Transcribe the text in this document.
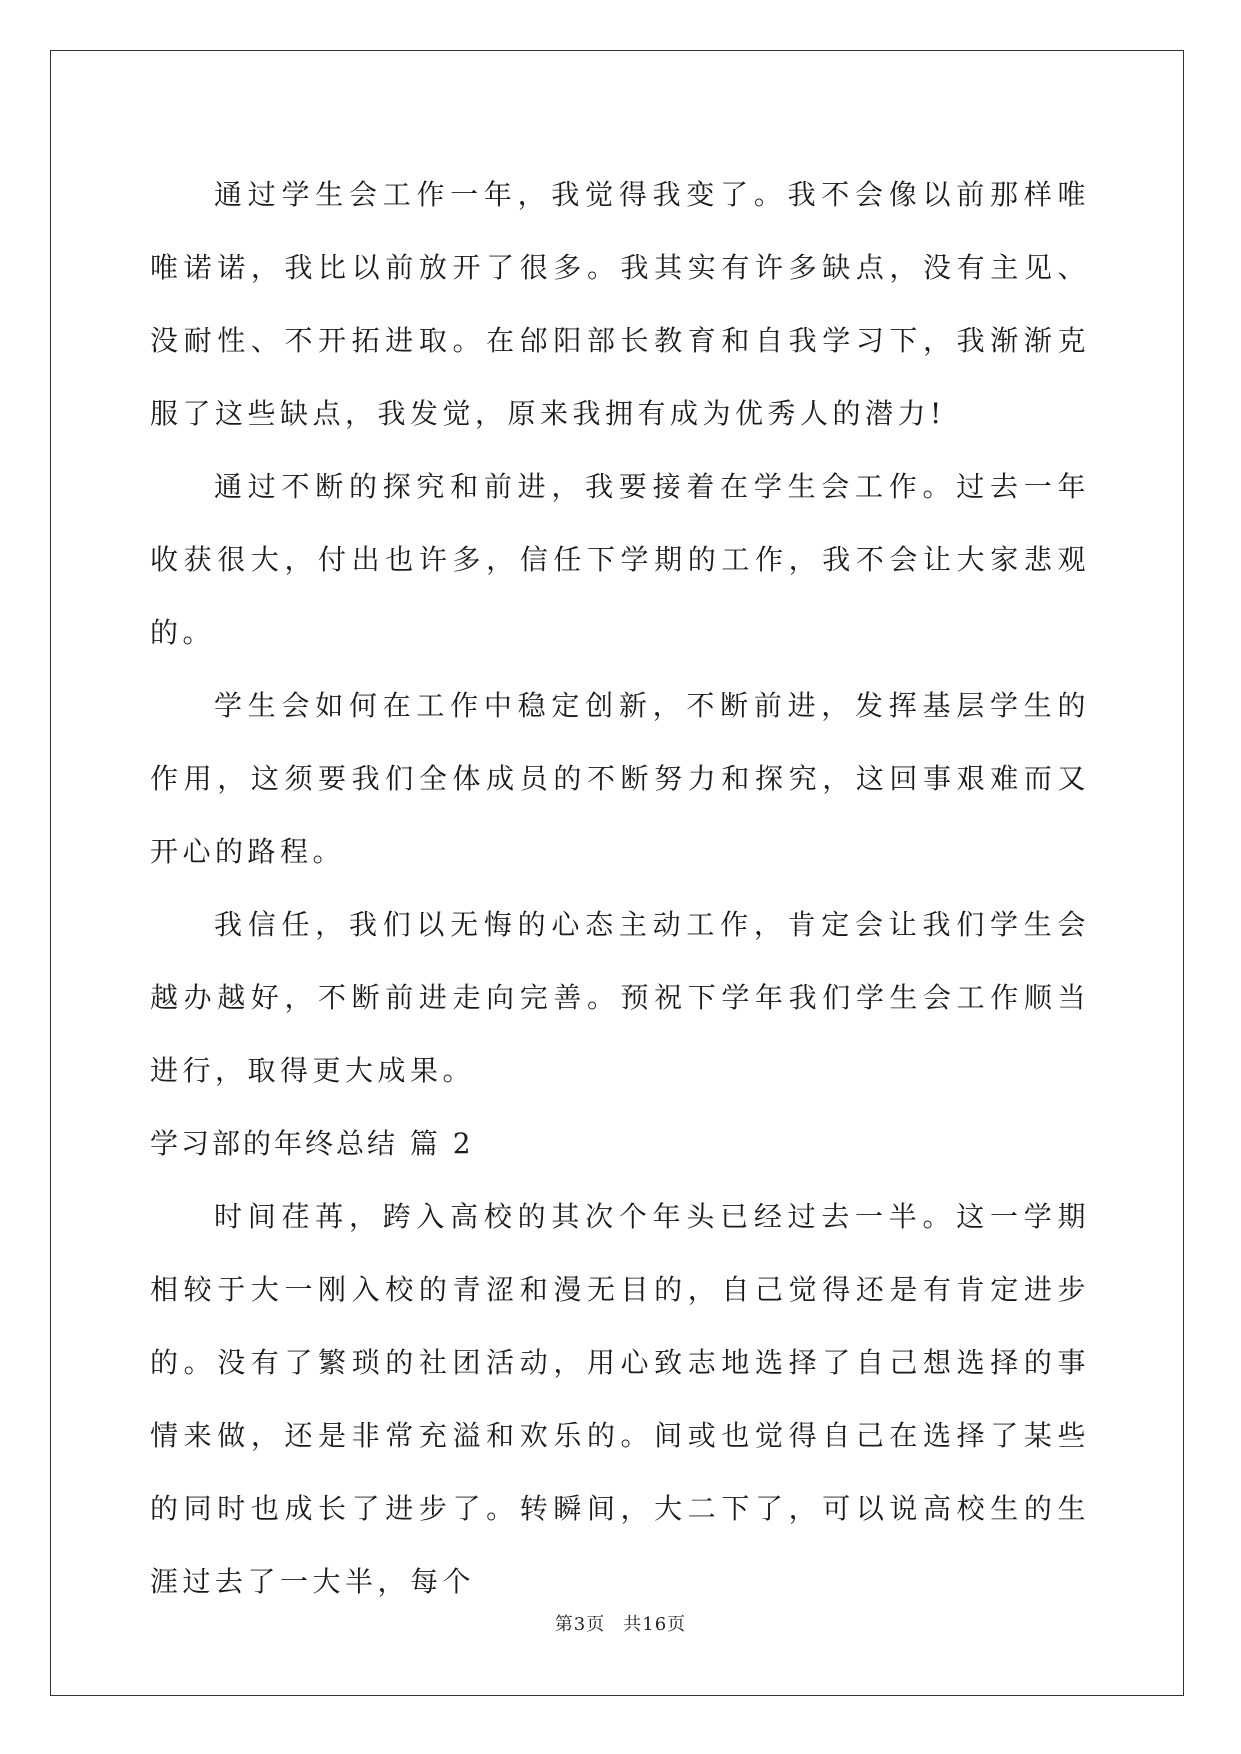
通过学生会工作一年，我觉得我变了。我不会像以前那样唯唯诺诺，我比以前放开了很多。我其实有许多缺点，没有主见、没耐性、不开拓进取。在邰阳部长教育和自我学习下，我渐渐克服了这些缺点，我发觉，原来我拥有成为优秀人的潜力!

通过不断的探究和前进，我要接着在学生会工作。过去一年收获很大，付出也许多，信任下学期的工作，我不会让大家悲观的。

学生会如何在工作中稳定创新，不断前进，发挥基层学生的作用，这须要我们全体成员的不断努力和探究，这回事艰难而又开心的路程。

我信任，我们以无悔的心态主动工作，肯定会让我们学生会越办越好，不断前进走向完善。预祝下学年我们学生会工作顺当进行，取得更大成果。

学习部的年终总结 篇 2

时间荏苒，跨入高校的其次个年头已经过去一半。这一学期相较于大一刚入校的青涩和漫无目的，自己觉得还是有肯定进步的。没有了繁琐的社团活动，用心致志地选择了自己想选择的事情来做，还是非常充溢和欢乐的。间或也觉得自己在选择了某些的同时也成长了进步了。转瞬间，大二下了，可以说高校生的生涯过去了一大半，每个

第3页 共16页
